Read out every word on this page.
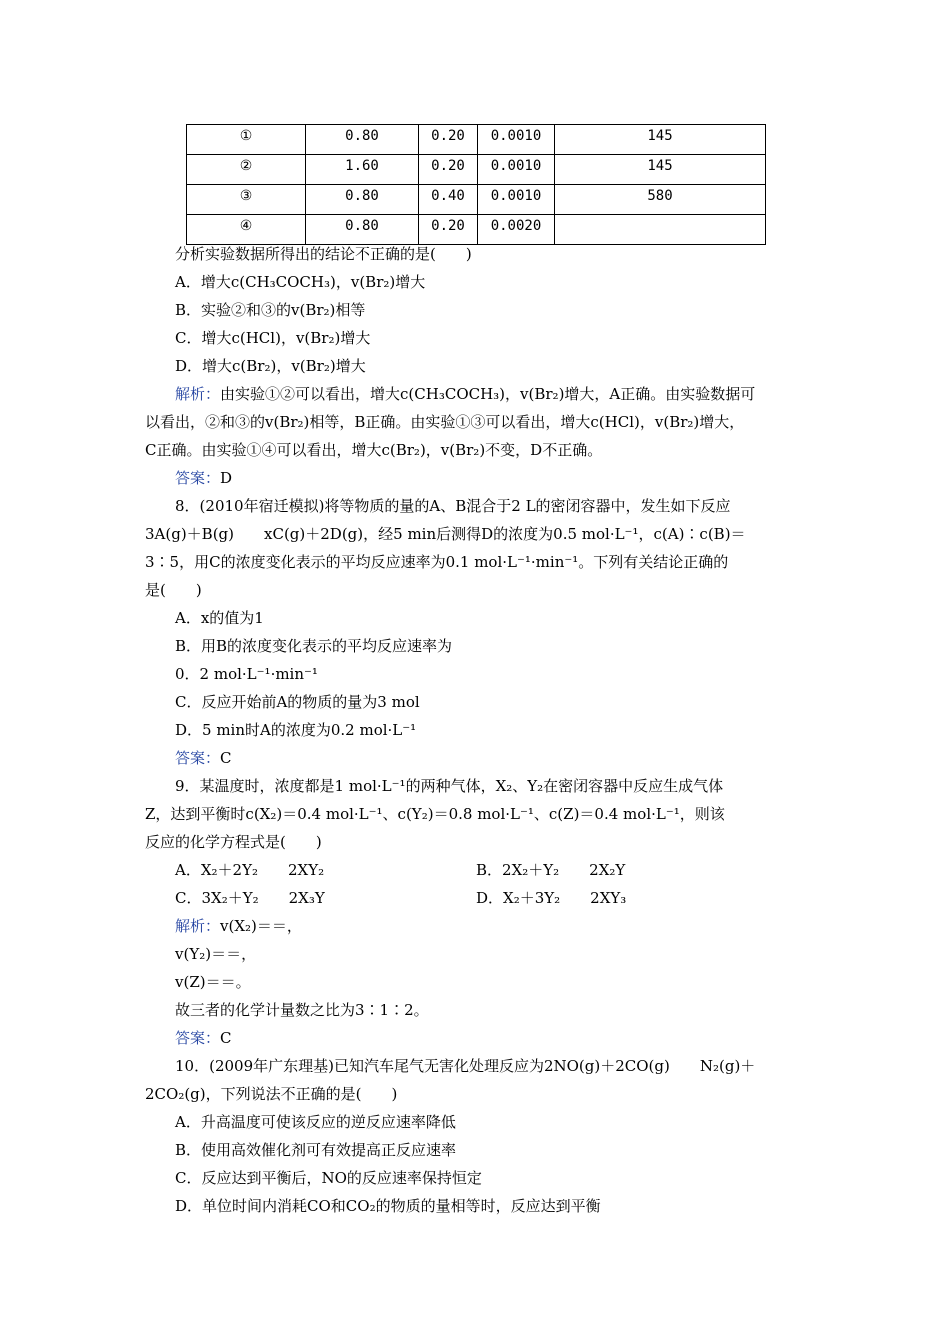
①	0.80	0.20	0.0010	145
②	1.60	0.20	0.0010	145
③	0.80	0.40	0.0010	580
④	0.80	0.20	0.0020	
分析实验数据所得出的结论不正确的是(　　)
A．增大c(CH₃COCH₃)，v(Br₂)增大
B．实验②和③的v(Br₂)相等
C．增大c(HCl)，v(Br₂)增大
D．增大c(Br₂)，v(Br₂)增大
解析：由实验①②可以看出，增大c(CH₃COCH₃)，v(Br₂)增大，A正确。由实验数据可
以看出，②和③的v(Br₂)相等，B正确。由实验①③可以看出，增大c(HCl)，v(Br₂)增大，
C正确。由实验①④可以看出，增大c(Br₂)，v(Br₂)不变，D不正确。
答案：D
8．(2010年宿迁模拟)将等物质的量的A、B混合于2 L的密闭容器中，发生如下反应
3A(g)＋B(g)　　xC(g)＋2D(g)，经5 min后测得D的浓度为0.5 mol·L⁻¹，c(A)∶c(B)＝
3∶5，用C的浓度变化表示的平均反应速率为0.1 mol·L⁻¹·min⁻¹。下列有关结论正确的
是(　　)
A．x的值为1
B．用B的浓度变化表示的平均反应速率为
0．2 mol·L⁻¹·min⁻¹
C．反应开始前A的物质的量为3 mol
D．5 min时A的浓度为0.2 mol·L⁻¹
答案：C
9．某温度时，浓度都是1 mol·L⁻¹的两种气体，X₂、Y₂在密闭容器中反应生成气体
Z，达到平衡时c(X₂)＝0.4 mol·L⁻¹、c(Y₂)＝0.8 mol·L⁻¹、c(Z)＝0.4 mol·L⁻¹，则该
反应的化学方程式是(　　)
A．X₂＋2Y₂　　2XY₂	B．2X₂＋Y₂　　2X₂Y
C．3X₂＋Y₂　　2X₃Y	D．X₂＋3Y₂　　2XY₃
解析：v(X₂)＝＝，
v(Y₂)＝＝，
v(Z)＝＝。
故三者的化学计量数之比为3∶1∶2。
答案：C
10．(2009年广东理基)已知汽车尾气无害化处理反应为2NO(g)＋2CO(g)　　N₂(g)＋
2CO₂(g)，下列说法不正确的是(　　)
A．升高温度可使该反应的逆反应速率降低
B．使用高效催化剂可有效提高正反应速率
C．反应达到平衡后，NO的反应速率保持恒定
D．单位时间内消耗CO和CO₂的物质的量相等时，反应达到平衡
